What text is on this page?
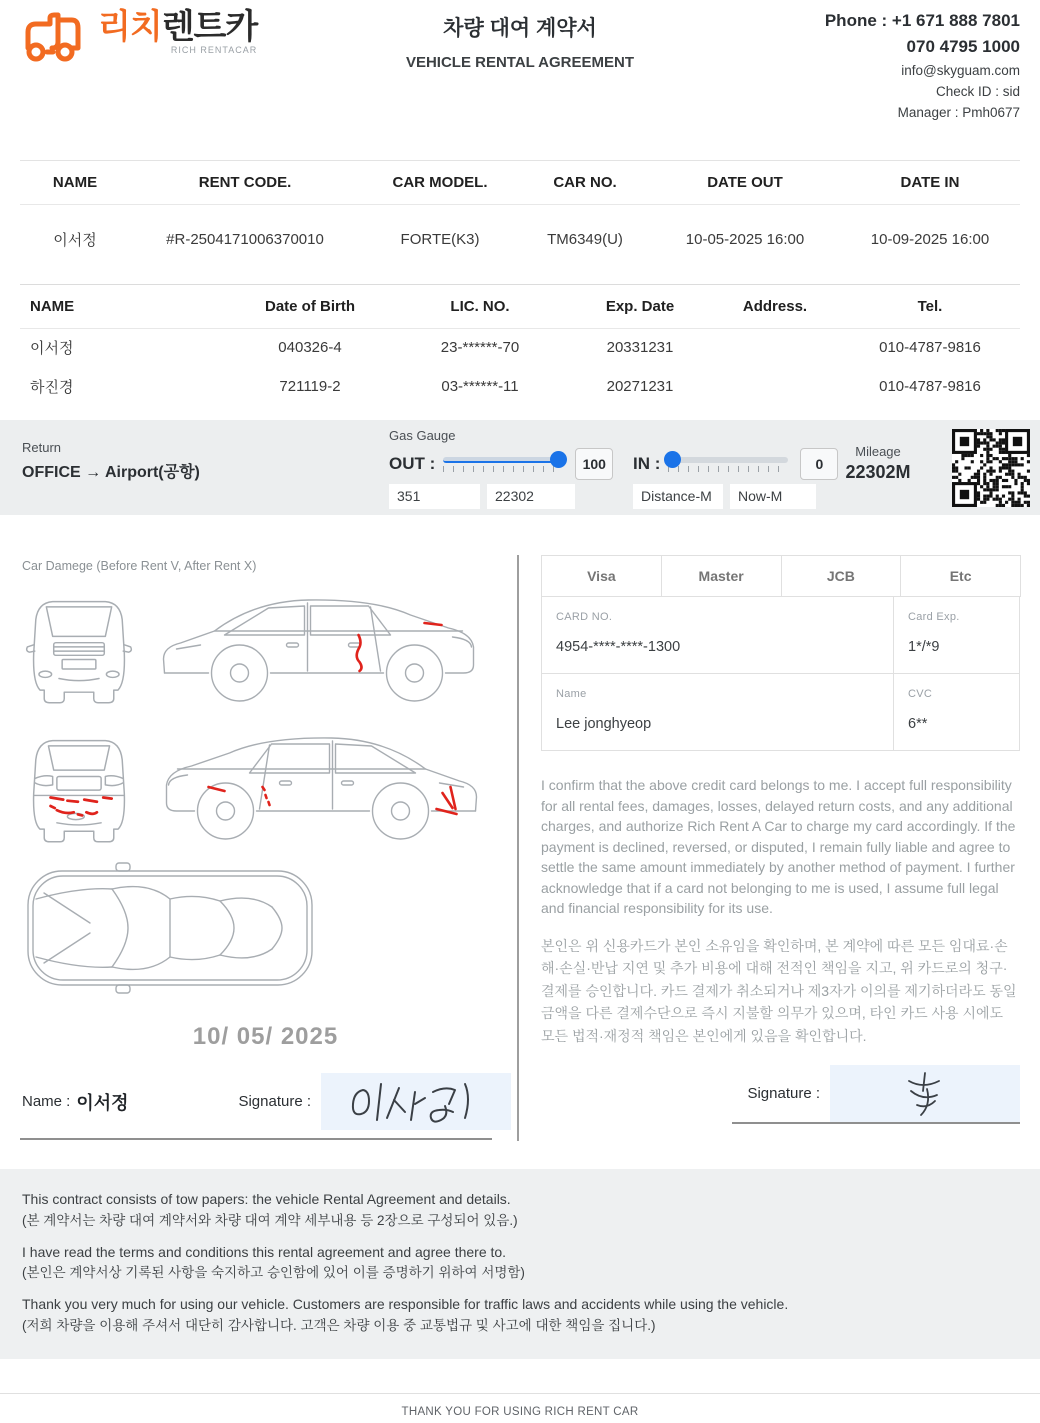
리치렌트카
RICH RENTACAR
차량 대여 계약서
VEHICLE RENTAL AGREEMENT
Phone : +1 671 888 7801
070 4795 1000
info@skyguam.com
Check ID : sid
Manager : Pmh0677
NAME	RENT CODE.	CAR MODEL.	CAR NO.	DATE OUT	DATE IN
이서정	#R-2504171006370010	FORTE(K3)	TM6349(U)	10-05-2025 16:00	10-09-2025 16:00
NAME	Date of Birth	LIC. NO.	Exp. Date	Address.	Tel.
이서정	040326-4	23-******-70	20331231		010-4787-9816
하진경	721119-2	03-******-11	20271231		010-4787-9816
Return
OFFICE → Airport(공항)
Gas Gauge
OUT :	100
351	22302
IN :	0
Distance-M	Now-M
Mileage
22302M
Car Damege (Before Rent V, After Rent X)
10/ 05/ 2025
Name : 이서정	Signature :
Visa	Master	JCB	Etc
CARD NO.
4954-****-****-1300
Card Exp.
1*/*9
Name
Lee jonghyeop
CVC
6**

I confirm that the above credit card belongs to me. I accept full responsibility for all rental fees, damages, losses, delayed return costs, and any additional charges, and authorize Rich Rent A Car to charge my card accordingly. If the payment is declined, reversed, or disputed, I remain fully liable and agree to settle the same amount immediately by another method of payment. I further acknowledge that if a card not belonging to me is used, I assume full legal and financial responsibility for its use.

본인은 위 신용카드가 본인 소유임을 확인하며, 본 계약에 따른 모든 임대료·손해·손실·반납 지연 및 추가 비용에 대해 전적인 책임을 지고, 위 카드로의 청구·결제를 승인합니다. 카드 결제가 취소되거나 제3자가 이의를 제기하더라도 동일 금액을 다른 결제수단으로 즉시 지불할 의무가 있으며, 타인 카드 사용 시에도 모든 법적·재정적 책임은 본인에게 있음을 확인합니다.

Signature :
This contract consists of tow papers: the vehicle Rental Agreement and details.
(본 계약서는 차량 대여 계약서와 차량 대여 계약 세부내용 등 2장으로 구성되어 있음.)
I have read the terms and conditions this rental agreement and agree there to.
(본인은 계약서상 기록된 사항을 숙지하고 승인함에 있어 이를 증명하기 위하여 서명함)
Thank you very much for using our vehicle. Customers are responsible for traffic laws and accidents while using the vehicle.
(저희 차량을 이용해 주셔서 대단히 감사합니다. 고객은 차량 이용 중 교통법규 및 사고에 대한 책임을 집니다.)
THANK YOU FOR USING RICH RENT CAR
